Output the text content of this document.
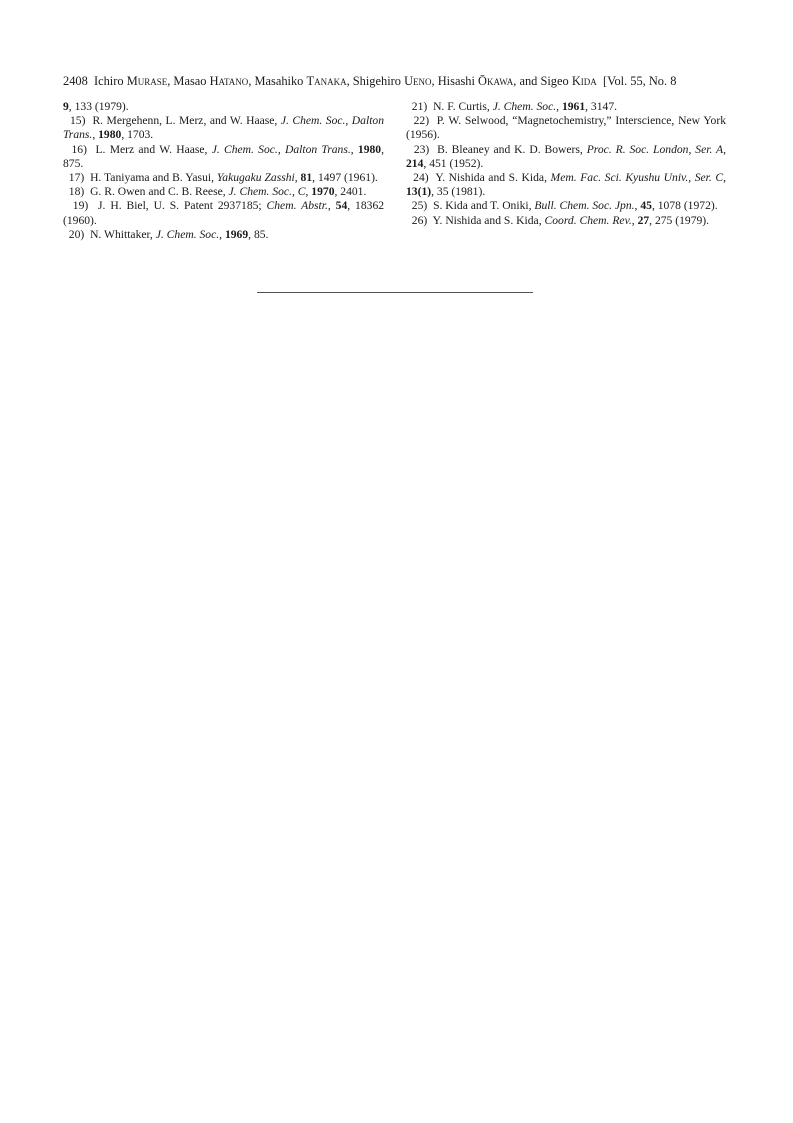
2408 Ichiro Murase, Masao Hatano, Masahiko Tanaka, Shigehiro Ueno, Hisashi Ōkawa, and Sigeo Kida [Vol. 55, No. 8

9, 133 (1979).

15) R. Mergehenn, L. Merz, and W. Haase, J. Chem. Soc., Dalton Trans., 1980, 1703.

16) L. Merz and W. Haase, J. Chem. Soc., Dalton Trans., 1980, 875.

17) H. Taniyama and B. Yasui, Yakugaku Zasshi, 81, 1497 (1961).

18) G. R. Owen and C. B. Reese, J. Chem. Soc., C, 1970, 2401.

19) J. H. Biel, U. S. Patent 2937185; Chem. Abstr., 54, 18362 (1960).

20) N. Whittaker, J. Chem. Soc., 1969, 85.

21) N. F. Curtis, J. Chem. Soc., 1961, 3147.

22) P. W. Selwood, “Magnetochemistry,” Interscience, New York (1956).

23) B. Bleaney and K. D. Bowers, Proc. R. Soc. London, Ser. A, 214, 451 (1952).

24) Y. Nishida and S. Kida, Mem. Fac. Sci. Kyushu Univ., Ser. C, 13(1), 35 (1981).

25) S. Kida and T. Oniki, Bull. Chem. Soc. Jpn., 45, 1078 (1972).

26) Y. Nishida and S. Kida, Coord. Chem. Rev., 27, 275 (1979).
